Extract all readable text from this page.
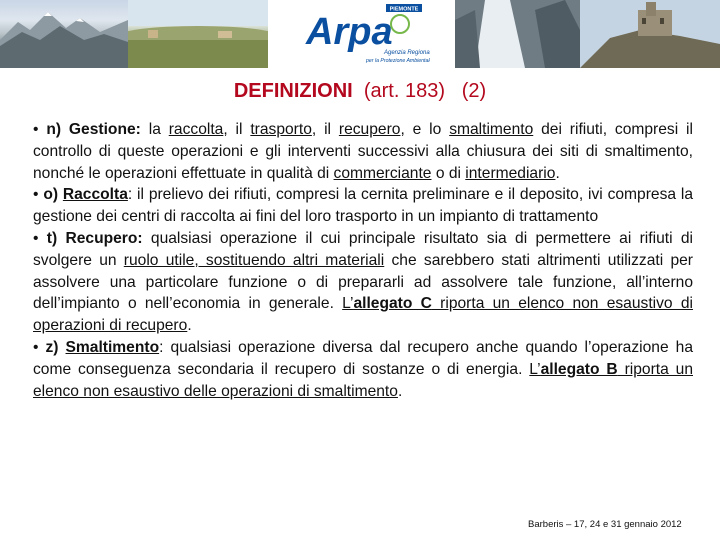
PIEMONTE
Arpa
Agenzia Regionale
per la Protezione Ambientale
DEFINIZIONI (art. 183) (2)
• n) Gestione: la raccolta, il trasporto, il recupero, e lo smaltimento dei rifiuti, compresi il controllo di queste operazioni e gli interventi successivi alla chiusura dei siti di smaltimento, nonché le operazioni effettuate in qualità di commerciante o di intermediario.
• o) Raccolta: il prelievo dei rifiuti, compresi la cernita preliminare e il deposito, ivi compresa la gestione dei centri di raccolta ai fini del loro trasporto in un impianto di trattamento
• t) Recupero: qualsiasi operazione il cui principale risultato sia di permettere ai rifiuti di svolgere un ruolo utile, sostituendo altri materiali che sarebbero stati altrimenti utilizzati per assolvere una particolare funzione o di prepararli ad assolvere tale funzione, all’interno dell’impianto o nell’economia in generale. L’allegato C riporta un elenco non esaustivo di operazioni di recupero.
• z) Smaltimento: qualsiasi operazione diversa dal recupero anche quando l’operazione ha come conseguenza secondaria il recupero di sostanze o di energia. L’allegato B riporta un elenco non esaustivo delle operazioni di smaltimento.
Barberis – 17, 24 e 31 gennaio 2012
